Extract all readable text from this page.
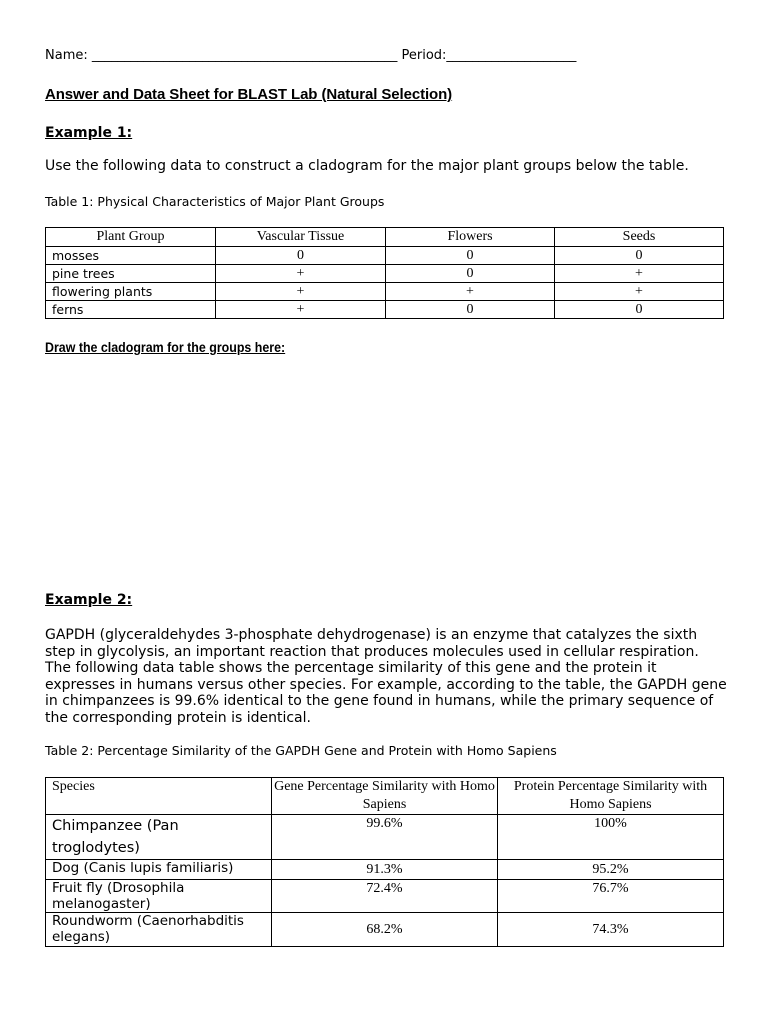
Name: _______________________________________________ Period:____________________
Answer and Data Sheet for BLAST Lab (Natural Selection)
Example 1:
Use the following data to construct a cladogram for the major plant groups below the table.
Table 1: Physical Characteristics of Major Plant Groups
Plant Group	Vascular Tissue	Flowers	Seeds
mosses	0	0	0
pine trees	+	0	+
flowering plants	+	+	+
ferns	+	0	0
Draw the cladogram for the groups here:
Example 2:
GAPDH (glyceraldehydes 3-phosphate dehydrogenase) is an enzyme that catalyzes the sixth step in glycolysis, an important reaction that produces molecules used in cellular respiration. The following data table shows the percentage similarity of this gene and the protein it expresses in humans versus other species. For example, according to the table, the GAPDH gene in chimpanzees is 99.6% identical to the gene found in humans, while the primary sequence of the corresponding protein is identical.
Table 2: Percentage Similarity of the GAPDH Gene and Protein with Homo Sapiens
Species	Gene Percentage Similarity with Homo Sapiens	Protein Percentage Similarity with Homo Sapiens
Chimpanzee (Pan troglodytes)	99.6%	100%
Dog (Canis lupis familiaris)	91.3%	95.2%
Fruit fly (Drosophila melanogaster)	72.4%	76.7%
Roundworm (Caenorhabditis elegans)	68.2%	74.3%
